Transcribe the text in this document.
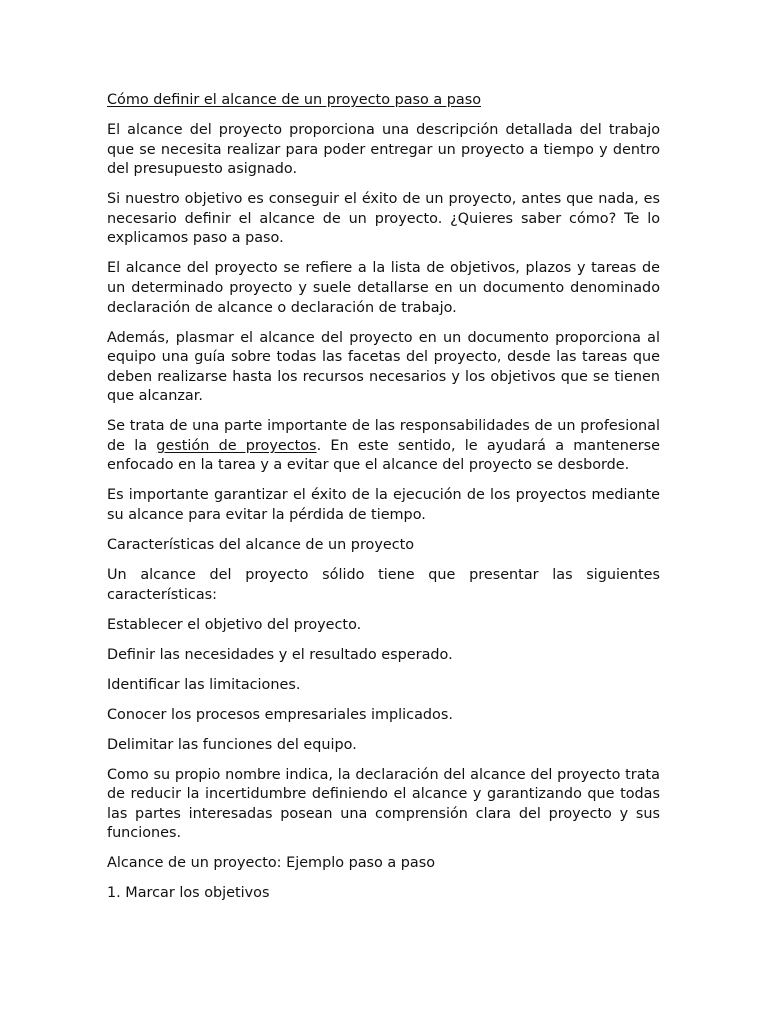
Cómo definir el alcance de un proyecto paso a paso

El alcance del proyecto proporciona una descripción detallada del trabajo que se necesita realizar para poder entregar un proyecto a tiempo y dentro del presupuesto asignado.

Si nuestro objetivo es conseguir el éxito de un proyecto, antes que nada, es necesario definir el alcance de un proyecto. ¿Quieres saber cómo? Te lo explicamos paso a paso.

El alcance del proyecto se refiere a la lista de objetivos, plazos y tareas de un determinado proyecto y suele detallarse en un documento denominado declaración de alcance o declaración de trabajo.

Además, plasmar el alcance del proyecto en un documento proporciona al equipo una guía sobre todas las facetas del proyecto, desde las tareas que deben realizarse hasta los recursos necesarios y los objetivos que se tienen que alcanzar.

Se trata de una parte importante de las responsabilidades de un profesional de la gestión de proyectos. En este sentido, le ayudará a mantenerse enfocado en la tarea y a evitar que el alcance del proyecto se desborde.

Es importante garantizar el éxito de la ejecución de los proyectos mediante su alcance para evitar la pérdida de tiempo.

Características del alcance de un proyecto

Un alcance del proyecto sólido tiene que presentar las siguientes características:

Establecer el objetivo del proyecto.

Definir las necesidades y el resultado esperado.

Identificar las limitaciones.

Conocer los procesos empresariales implicados.

Delimitar las funciones del equipo.

Como su propio nombre indica, la declaración del alcance del proyecto trata de reducir la incertidumbre definiendo el alcance y garantizando que todas las partes interesadas posean una comprensión clara del proyecto y sus funciones.

Alcance de un proyecto: Ejemplo paso a paso

1. Marcar los objetivos
